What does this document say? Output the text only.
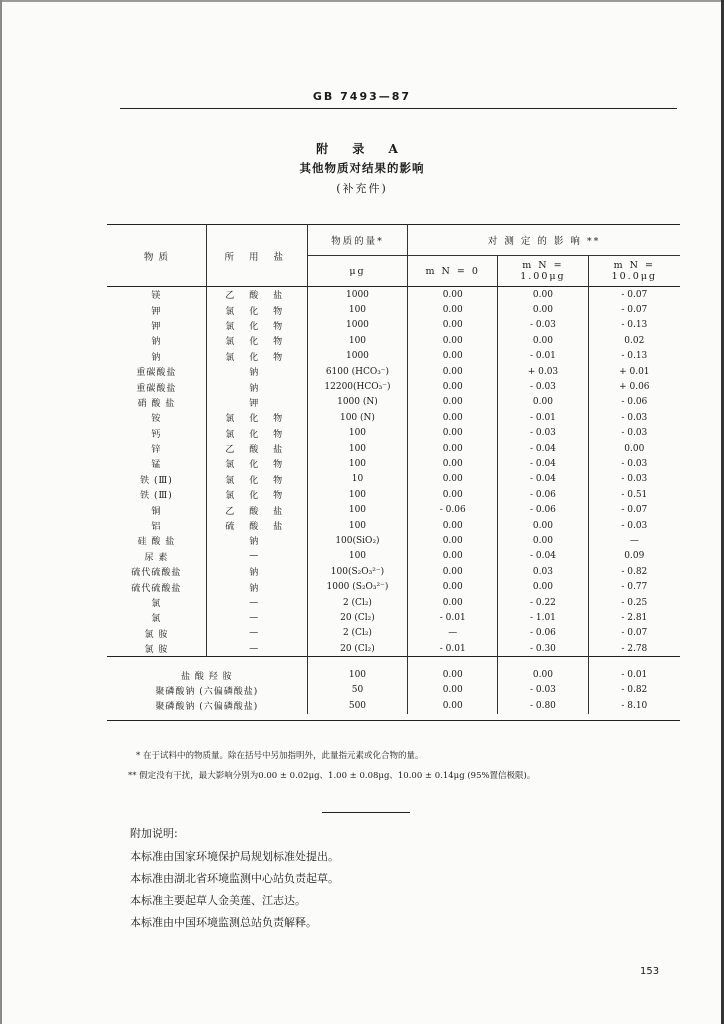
GB 7493—87
附 录 A
其他物质对结果的影响
(补充件)
物 质	所 用 盐	物质的量*	对 测 定 的 影 响 **		
		μg	m N = 0	m N = 1.00μg	m N = 10.0μg
镁	乙 酸 盐	1000	0.00	0.00	- 0.07
钾	氯 化 物	100	0.00	0.00	- 0.07
钾	氯 化 物	1000	0.00	- 0.03	- 0.13
钠	氯 化 物	100	0.00	0.00	0.02
钠	氯 化 物	1000	0.00	- 0.01	- 0.13
重碳酸盐	钠	6100 (HCO₃⁻)	0.00	+ 0.03	+ 0.01
重碳酸盐	钠	12200(HCO₃⁻)	0.00	- 0.03	+ 0.06
硝 酸 盐	钾	1000 (N)	0.00	0.00	- 0.06
铵	氯 化 物	100 (N)	0.00	- 0.01	- 0.03
钙	氯 化 物	100	0.00	- 0.03	- 0.03
锌	乙 酸 盐	100	0.00	- 0.04	0.00
锰	氯 化 物	100	0.00	- 0.04	- 0.03
铁 (Ⅲ)	氯 化 物	10	0.00	- 0.04	- 0.03
铁 (Ⅲ)	氯 化 物	100	0.00	- 0.06	- 0.51
铜	乙 酸 盐	100	- 0.06	- 0.06	- 0.07
铝	硫 酸 盐	100	0.00	0.00	- 0.03
硅 酸 盐	钠	100(SiO₂)	0.00	0.00	—
尿 素	—	100	0.00	- 0.04	0.09
硫代硫酸盐	钠	100(S₂O₃²⁻)	0.00	0.03	- 0.82
硫代硫酸盐	钠	1000 (S₂O₃²⁻)	0.00	0.00	- 0.77
氯	—	2 (Cl₂)	0.00	- 0.22	- 0.25
氯	—	20 (Cl₂)	- 0.01	- 1.01	- 2.81
氯 胺	—	2 (Cl₂)	—	- 0.06	- 0.07
氯 胺	—	20 (Cl₂)	- 0.01	- 0.30	- 2.78

盐 酸 羟 胺		100	0.00	0.00	- 0.01
聚磷酸钠 (六偏磷酸盐)		50	0.00	- 0.03	- 0.82
聚磷酸钠 (六偏磷酸盐)		500	0.00	- 0.80	- 8.10

* 在于试料中的物质量。除在括号中另加指明外，此量指元素或化合物的量。
** 假定没有干扰，最大影响分别为0.00 ± 0.02μg、1.00 ± 0.08μg、10.00 ± 0.14μg (95%置信极限)。
附加说明:
本标准由国家环境保护局规划标准处提出。
本标准由湖北省环境监测中心站负责起草。
本标准主要起草人金美莲、江志达。
本标准由中国环境监测总站负责解释。
153
